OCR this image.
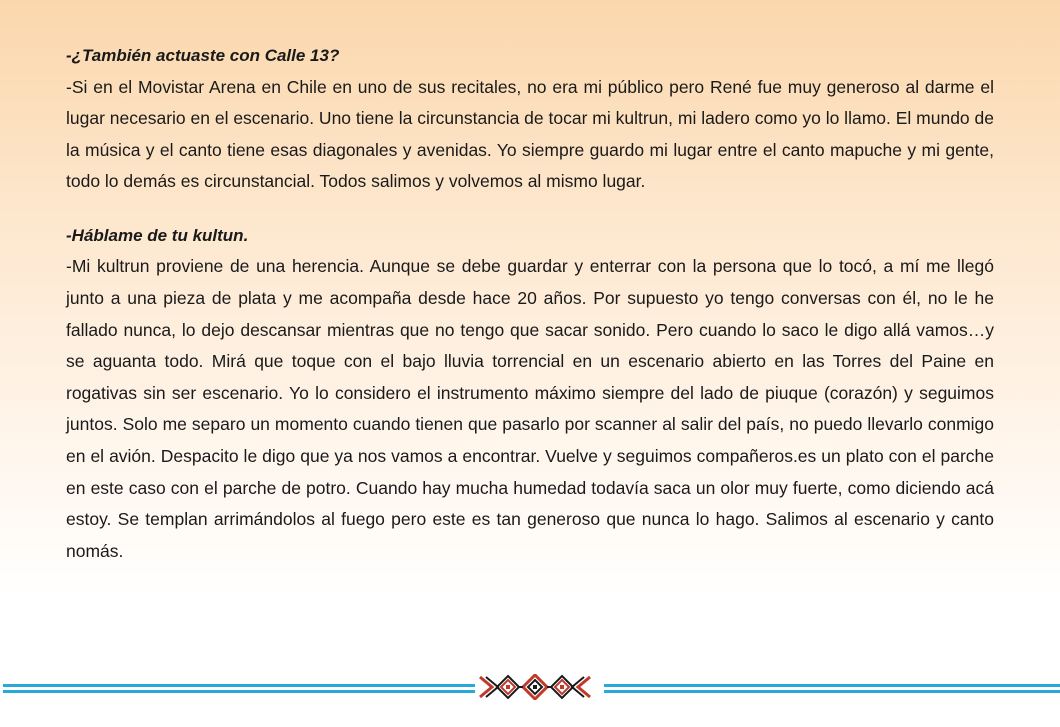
-¿También actuaste con Calle 13?

-Si en el Movistar Arena en Chile en uno de sus recitales, no era mi público pero René fue muy generoso al darme el lugar necesario en el escenario. Uno tiene la circunstancia de tocar mi kultrun, mi ladero como yo lo llamo. El mundo de la música y el canto tiene esas diagonales y avenidas. Yo siempre guardo mi lugar entre el canto mapuche y mi gente, todo lo demás es circunstancial. Todos salimos y volvemos al mismo lugar.

-Háblame de tu kultun.

-Mi kultrun proviene de una herencia. Aunque se debe guardar y enterrar con la persona que lo tocó, a mí me llegó junto a una pieza de plata y me acompaña desde hace 20 años. Por supuesto yo tengo conversas con él, no le he fallado nunca, lo dejo descansar mientras que no tengo que sacar sonido. Pero cuando lo saco le digo allá vamos…y se aguanta todo. Mirá que toque con el bajo lluvia torrencial en un escenario abierto en las Torres del Paine en rogativas sin ser escenario. Yo lo considero el instrumento máximo siempre del lado de piuque (corazón) y seguimos juntos. Solo me separo un momento cuando tienen que pasarlo por scanner al salir del país, no puedo llevarlo conmigo en el avión. Despacito le digo que ya nos vamos a encontrar. Vuelve y seguimos compañeros.es un plato con el parche en este caso con el parche de potro. Cuando hay mucha humedad todavía saca un olor muy fuerte, como diciendo acá estoy. Se templan arrimándolos al fuego pero este es tan generoso que nunca lo hago. Salimos al escenario y canto nomás.
